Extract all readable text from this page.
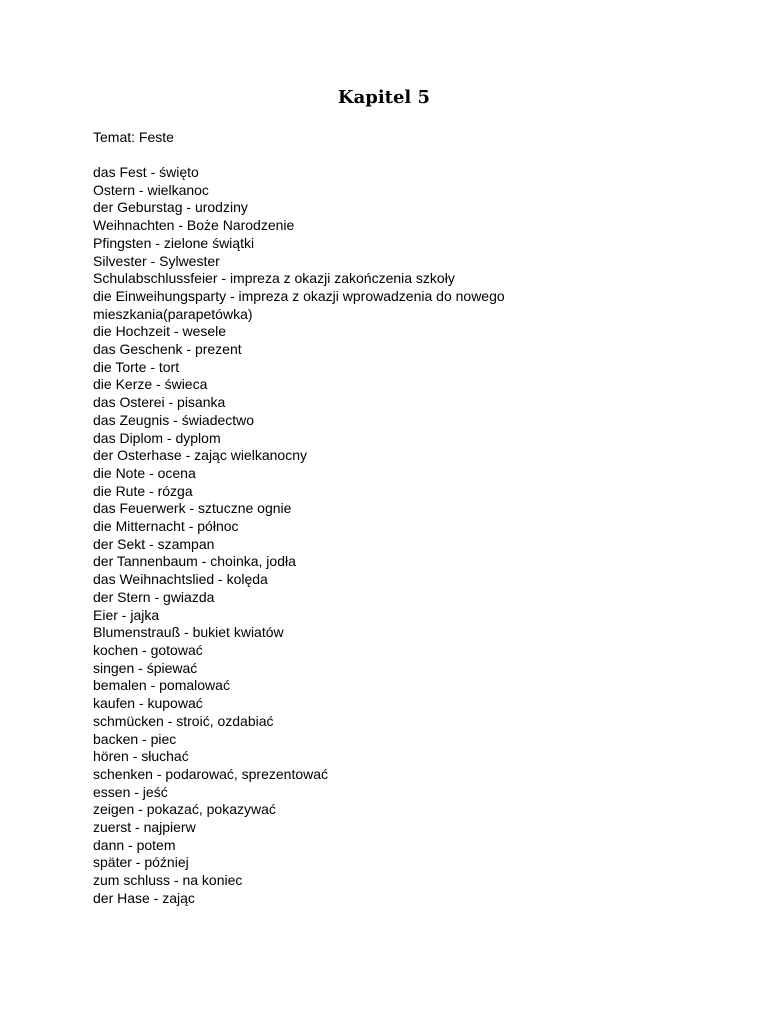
Kapitel 5

Temat: Feste

das Fest - święto
Ostern - wielkanoc
der Geburstag - urodziny
Weihnachten - Boże Narodzenie
Pfingsten - zielone świątki
Silvester - Sylwester
Schulabschlussfeier - impreza z okazji zakończenia szkoły
die Einweihungsparty - impreza z okazji wprowadzenia do nowego mieszkania(parapetówka)
die Hochzeit - wesele
das Geschenk - prezent
die Torte - tort
die Kerze - świeca
das Osterei - pisanka
das Zeugnis - świadectwo
das Diplom - dyplom
der Osterhase - zając wielkanocny
die Note - ocena
die Rute - rózga
das Feuerwerk - sztuczne ognie
die Mitternacht - północ
der Sekt - szampan
der Tannenbaum - choinka, jodła
das Weihnachtslied - kolęda
der Stern - gwiazda
Eier - jajka
Blumenstrauß - bukiet kwiatów
kochen - gotować
singen - śpiewać
bemalen - pomalować
kaufen - kupować
schmücken - stroić, ozdabiać
backen - piec
hören - słuchać
schenken - podarować, sprezentować
essen - jeść
zeigen - pokazać, pokazywać
zuerst - najpierw
dann - potem
später - później
zum schluss - na koniec
der Hase - zając
